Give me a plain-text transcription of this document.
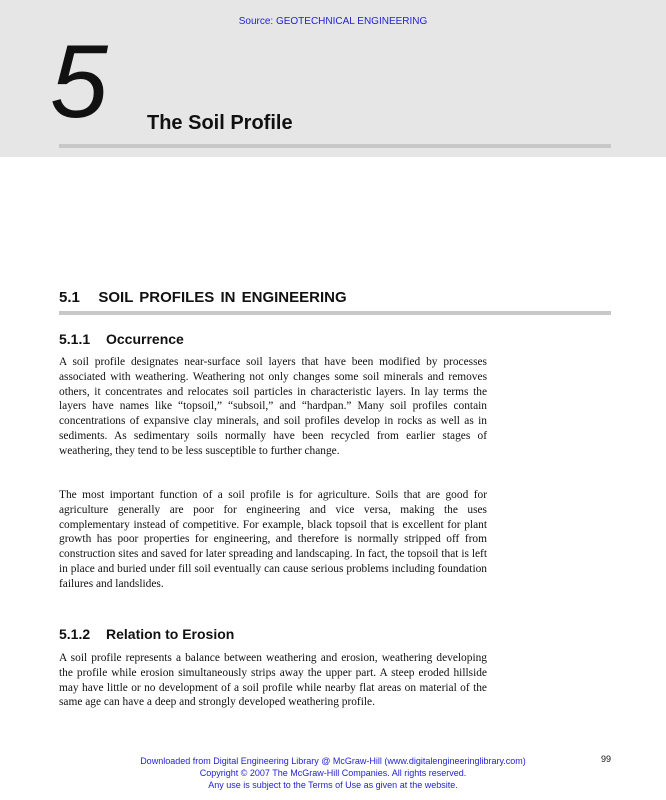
Source: GEOTECHNICAL ENGINEERING
5 The Soil Profile
5.1 SOIL PROFILES IN ENGINEERING
5.1.1 Occurrence

A soil profile designates near-surface soil layers that have been modified by processes associated with weathering. Weathering not only changes some soil minerals and removes others, it concentrates and relocates soil particles in characteristic layers. In lay terms the layers have names like “topsoil,” “subsoil,” and “hardpan.” Many soil profiles contain concentrations of expansive clay minerals, and soil profiles develop in rocks as well as in sediments. As sedimentary soils normally have been recycled from earlier stages of weathering, they tend to be less susceptible to further change.

The most important function of a soil profile is for agriculture. Soils that are good for agriculture generally are poor for engineering and vice versa, making the uses complementary instead of competitive. For example, black topsoil that is excellent for plant growth has poor properties for engineering, and therefore is normally stripped off from construction sites and saved for later spreading and landscaping. In fact, the topsoil that is left in place and buried under fill soil eventually can cause serious problems including foundation failures and landslides.

5.1.2 Relation to Erosion

A soil profile represents a balance between weathering and erosion, weathering developing the profile while erosion simultaneously strips away the upper part. A steep eroded hillside may have little or no development of a soil profile while nearby flat areas on material of the same age can have a deep and strongly developed weathering profile.

Downloaded from Digital Engineering Library @ McGraw-Hill (www.digitalengineeringlibrary.com)
Copyright © 2007 The McGraw-Hill Companies. All rights reserved.
Any use is subject to the Terms of Use as given at the website.
99
